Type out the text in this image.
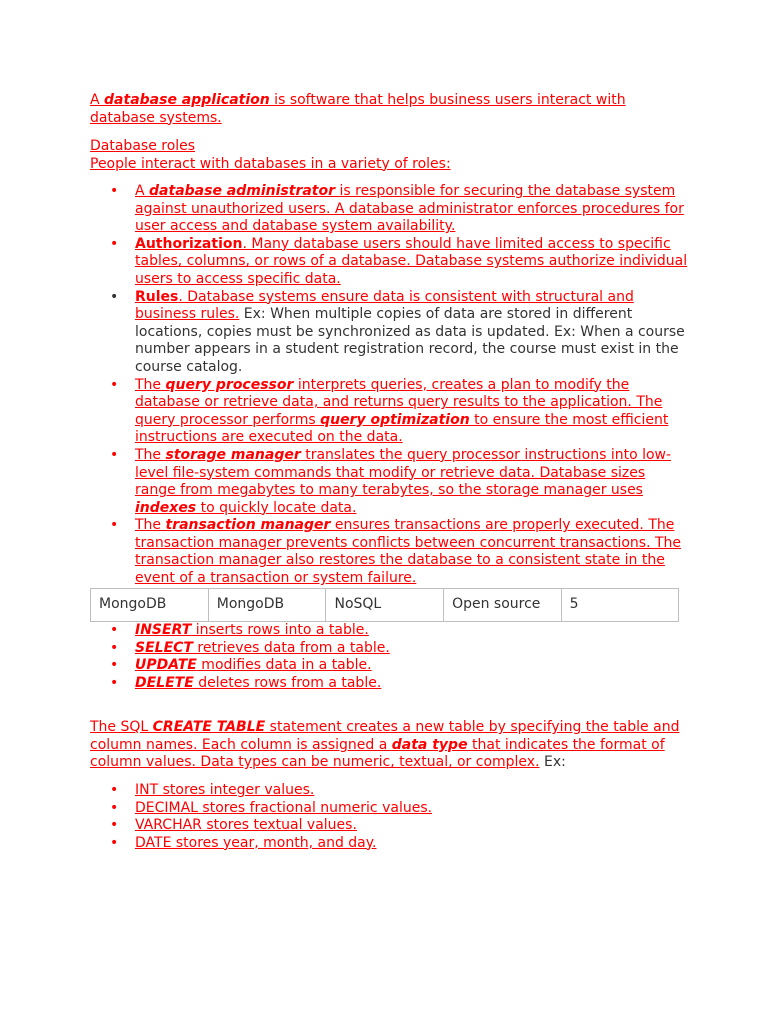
A database application is software that helps business users interact with database systems.

Database roles
People interact with databases in a variety of roles:

• A database administrator is responsible for securing the database system against unauthorized users. A database administrator enforces procedures for user access and database system availability.
• Authorization. Many database users should have limited access to specific tables, columns, or rows of a database. Database systems authorize individual users to access specific data.
• Rules. Database systems ensure data is consistent with structural and business rules. Ex: When multiple copies of data are stored in different locations, copies must be synchronized as data is updated. Ex: When a course number appears in a student registration record, the course must exist in the course catalog.
• The query processor interprets queries, creates a plan to modify the database or retrieve data, and returns query results to the application. The query processor performs query optimization to ensure the most efficient instructions are executed on the data.
• The storage manager translates the query processor instructions into low-level file-system commands that modify or retrieve data. Database sizes range from megabytes to many terabytes, so the storage manager uses indexes to quickly locate data.
• The transaction manager ensures transactions are properly executed. The transaction manager prevents conflicts between concurrent transactions. The transaction manager also restores the database to a consistent state in the event of a transaction or system failure.
MongoDB	MongoDB	NoSQL	Open source	5
• INSERT inserts rows into a table.
• SELECT retrieves data from a table.
• UPDATE modifies data in a table.
• DELETE deletes rows from a table.

The SQL CREATE TABLE statement creates a new table by specifying the table and column names. Each column is assigned a data type that indicates the format of column values. Data types can be numeric, textual, or complex. Ex:

• INT stores integer values.
• DECIMAL stores fractional numeric values.
• VARCHAR stores textual values.
• DATE stores year, month, and day.
